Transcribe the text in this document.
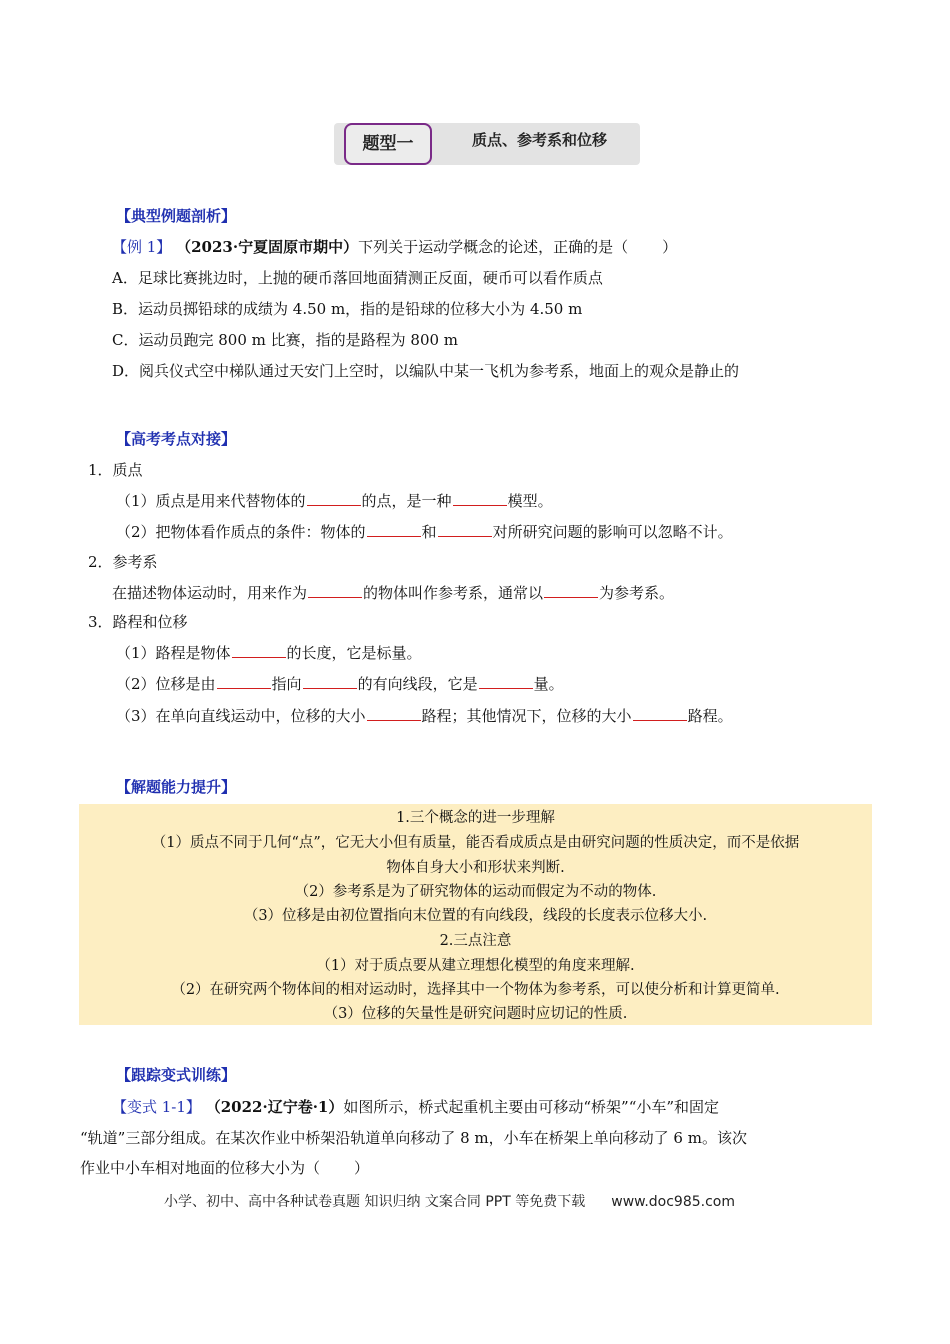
题型一	质点、参考系和位移
【典型例题剖析】
【例 1】 （2023·宁夏固原市期中）下列关于运动学概念的论述，正确的是（ ）
A．足球比赛挑边时，上抛的硬币落回地面猜测正反面，硬币可以看作质点
B．运动员掷铅球的成绩为 4.50 m，指的是铅球的位移大小为 4.50 m
C．运动员跑完 800 m 比赛，指的是路程为 800 m
D．阅兵仪式空中梯队通过天安门上空时，以编队中某一飞机为参考系，地面上的观众是静止的
【高考考点对接】
1．质点
（1）质点是用来代替物体的	的点，是一种	模型。
（2）把物体看作质点的条件：物体的	和	对所研究问题的影响可以忽略不计。
2．参考系
在描述物体运动时，用来作为	的物体叫作参考系，通常以	为参考系。
3．路程和位移
（1）路程是物体	的长度，它是标量。
（2）位移是由	指向	的有向线段，它是	量。
（3）在单向直线运动中，位移的大小	路程；其他情况下，位移的大小	路程。
【解题能力提升】
1.三个概念的进一步理解
（1）质点不同于几何“点”，它无大小但有质量，能否看成质点是由研究问题的性质决定，而不是依据
物体自身大小和形状来判断.
（2）参考系是为了研究物体的运动而假定为不动的物体.
（3）位移是由初位置指向末位置的有向线段，线段的长度表示位移大小.
2.三点注意
（1）对于质点要从建立理想化模型的角度来理解.
（2）在研究两个物体间的相对运动时，选择其中一个物体为参考系，可以使分析和计算更简单.
（3）位移的矢量性是研究问题时应切记的性质.
【跟踪变式训练】
【变式 1-1】 （2022·辽宁卷·1）如图所示，桥式起重机主要由可移动“桥架”“小车”和固定
“轨道”三部分组成。在某次作业中桥架沿轨道单向移动了 8 m，小车在桥架上单向移动了 6 m。该次
作业中小车相对地面的位移大小为（ ）
小学、初中、高中各种试卷真题 知识归纳 文案合同 PPT 等免费下载 www.doc985.com
